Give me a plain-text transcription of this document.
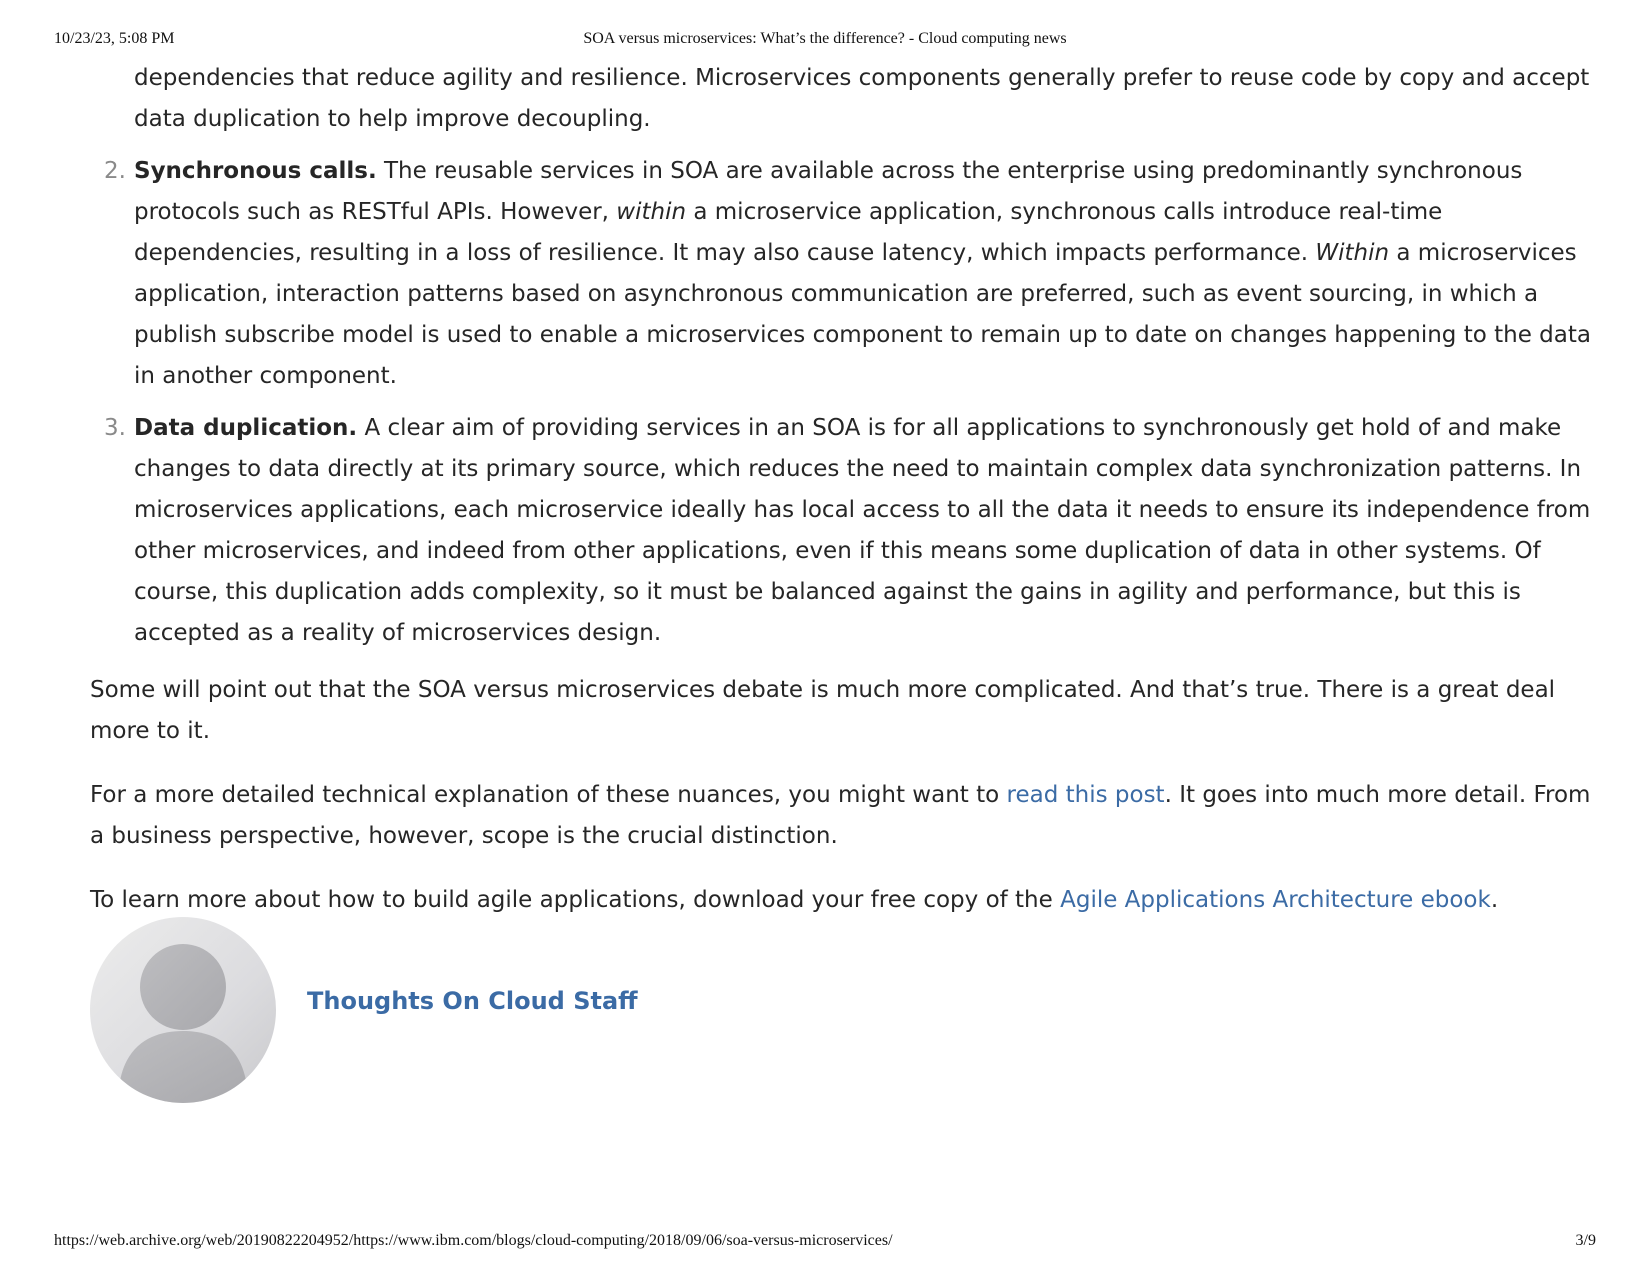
10/23/23, 5:08 PM	SOA versus microservices: What’s the difference? - Cloud computing news
dependencies that reduce agility and resilience. Microservices components generally prefer to reuse code by copy and accept data duplication to help improve decoupling.
2. Synchronous calls. The reusable services in SOA are available across the enterprise using predominantly synchronous protocols such as RESTful APIs. However, within a microservice application, synchronous calls introduce real-time dependencies, resulting in a loss of resilience. It may also cause latency, which impacts performance. Within a microservices application, interaction patterns based on asynchronous communication are preferred, such as event sourcing, in which a publish subscribe model is used to enable a microservices component to remain up to date on changes happening to the data in another component.
3. Data duplication. A clear aim of providing services in an SOA is for all applications to synchronously get hold of and make changes to data directly at its primary source, which reduces the need to maintain complex data synchronization patterns. In microservices applications, each microservice ideally has local access to all the data it needs to ensure its independence from other microservices, and indeed from other applications, even if this means some duplication of data in other systems. Of course, this duplication adds complexity, so it must be balanced against the gains in agility and performance, but this is accepted as a reality of microservices design.

Some will point out that the SOA versus microservices debate is much more complicated. And that’s true. There is a great deal more to it.

For a more detailed technical explanation of these nuances, you might want to read this post. It goes into much more detail. From a business perspective, however, scope is the crucial distinction.

To learn more about how to build agile applications, download your free copy of the Agile Applications Architecture ebook.

Thoughts On Cloud Staff
https://web.archive.org/web/20190822204952/https://www.ibm.com/blogs/cloud-computing/2018/09/06/soa-versus-microservices/	3/9
